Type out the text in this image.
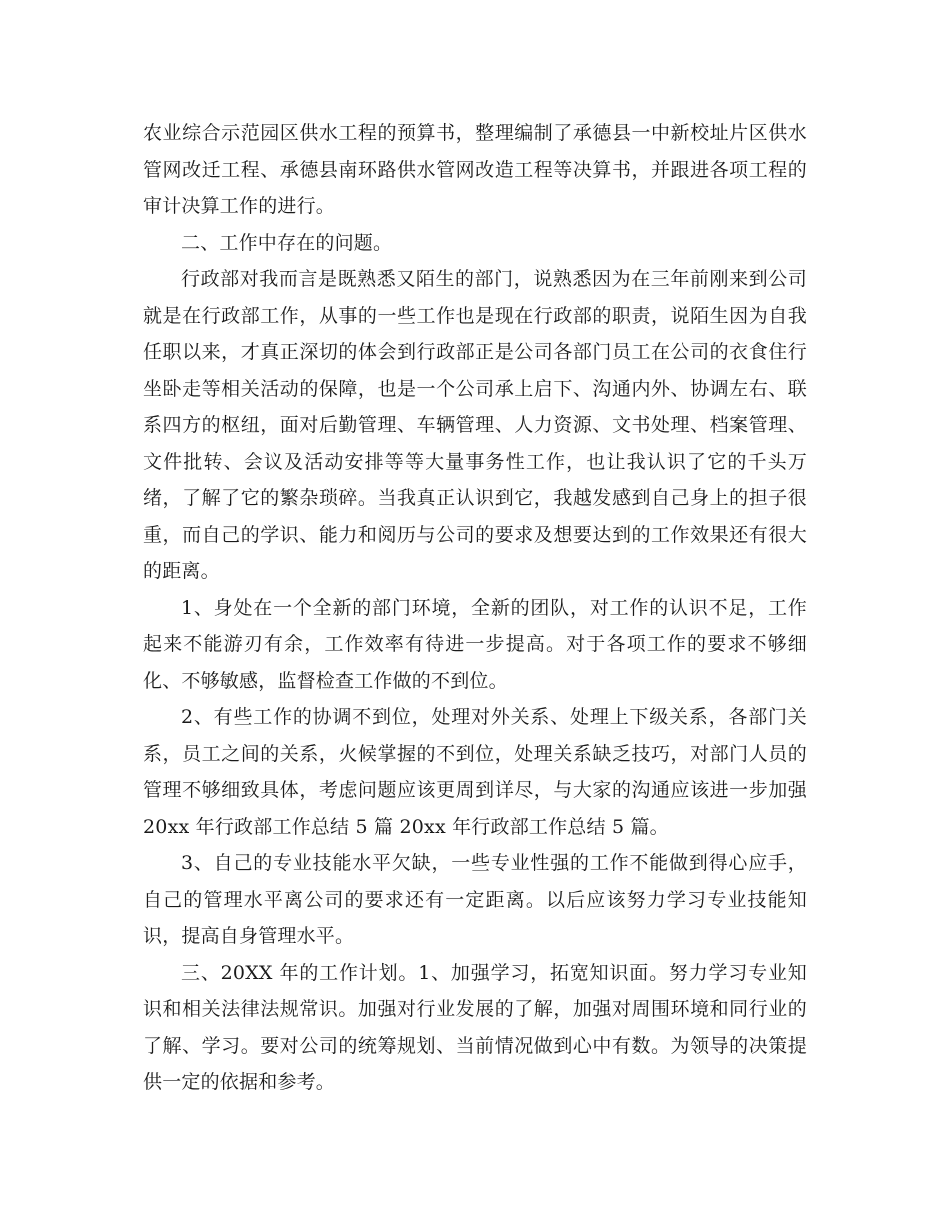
农业综合示范园区供水工程的预算书，整理编制了承德县一中新校址片区供水管网改迁工程、承德县南环路供水管网改造工程等决算书，并跟进各项工程的审计决算工作的进行。

二、工作中存在的问题。

行政部对我而言是既熟悉又陌生的部门，说熟悉因为在三年前刚来到公司就是在行政部工作，从事的一些工作也是现在行政部的职责，说陌生因为自我任职以来，才真正深切的体会到行政部正是公司各部门员工在公司的衣食住行坐卧走等相关活动的保障，也是一个公司承上启下、沟通内外、协调左右、联系四方的枢纽，面对后勤管理、车辆管理、人力资源、文书处理、档案管理、文件批转、会议及活动安排等等大量事务性工作，也让我认识了它的千头万绪，了解了它的繁杂琐碎。当我真正认识到它，我越发感到自己身上的担子很重，而自己的学识、能力和阅历与公司的要求及想要达到的工作效果还有很大的距离。

1、身处在一个全新的部门环境，全新的团队，对工作的认识不足，工作起来不能游刃有余，工作效率有待进一步提高。对于各项工作的要求不够细化、不够敏感，监督检查工作做的不到位。

2、有些工作的协调不到位，处理对外关系、处理上下级关系，各部门关系，员工之间的关系，火候掌握的不到位，处理关系缺乏技巧，对部门人员的管理不够细致具体，考虑问题应该更周到详尽，与大家的沟通应该进一步加强 20xx 年行政部工作总结 5 篇 20xx 年行政部工作总结 5 篇。

3、自己的专业技能水平欠缺，一些专业性强的工作不能做到得心应手，自己的管理水平离公司的要求还有一定距离。以后应该努力学习专业技能知识，提高自身管理水平。

三、20XX 年的工作计划。1、加强学习，拓宽知识面。努力学习专业知识和相关法律法规常识。加强对行业发展的了解，加强对周围环境和同行业的了解、学习。要对公司的统筹规划、当前情况做到心中有数。为领导的决策提供一定的依据和参考。
